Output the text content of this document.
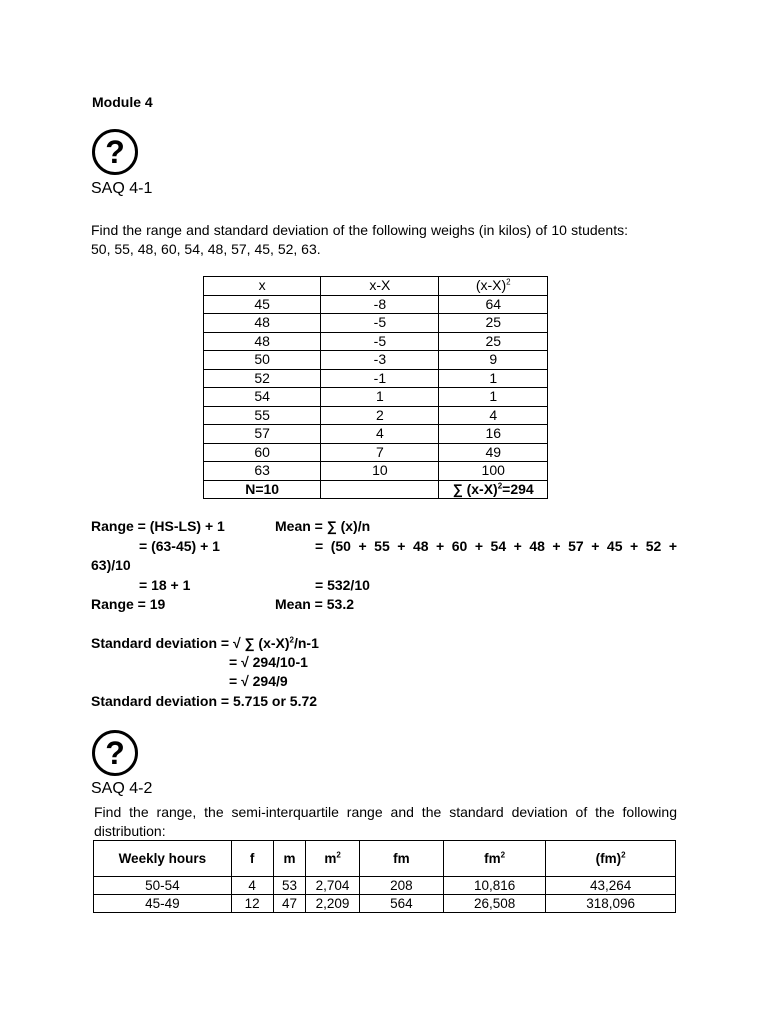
Module 4
?
SAQ 4-1
Find the range and standard deviation of the following weighs (in kilos) of 10 students: 50, 55, 48, 60, 54, 48, 57, 45, 52, 63.
x	x-X	$(x-X)^2$
45	-8	64
48	-5	25
48	-5	25
50	-3	9
52	-1	1
54	1	1
55	2	4
57	4	16
60	7	49
63	10	100
N=10		∑ $(x-X)^2=294$
Range = (HS-LS) + 1	Mean = ∑ (x)/n
= (63-45) + 1	= (50 + 55 + 48 + 60 + 54 + 48 + 57 + 45 + 52 +
63)/10
= 18 + 1	= 532/10
Range = 19	Mean = 53.2
Standard deviation = √ ∑ $(x-X)^2/n-1$
= √ 294/10-1
= √ 294/9
Standard deviation = 5.715 or 5.72
?
SAQ 4-2
Find the range, the semi-interquartile range and the standard deviation of the following distribution:
Weekly hours	f	m	$m^2$	fm	$fm^2$	(fm)$^2$
50-54	4	53	2,704	208	10,816	43,264
45-49	12	47	2,209	564	26,508	318,096
